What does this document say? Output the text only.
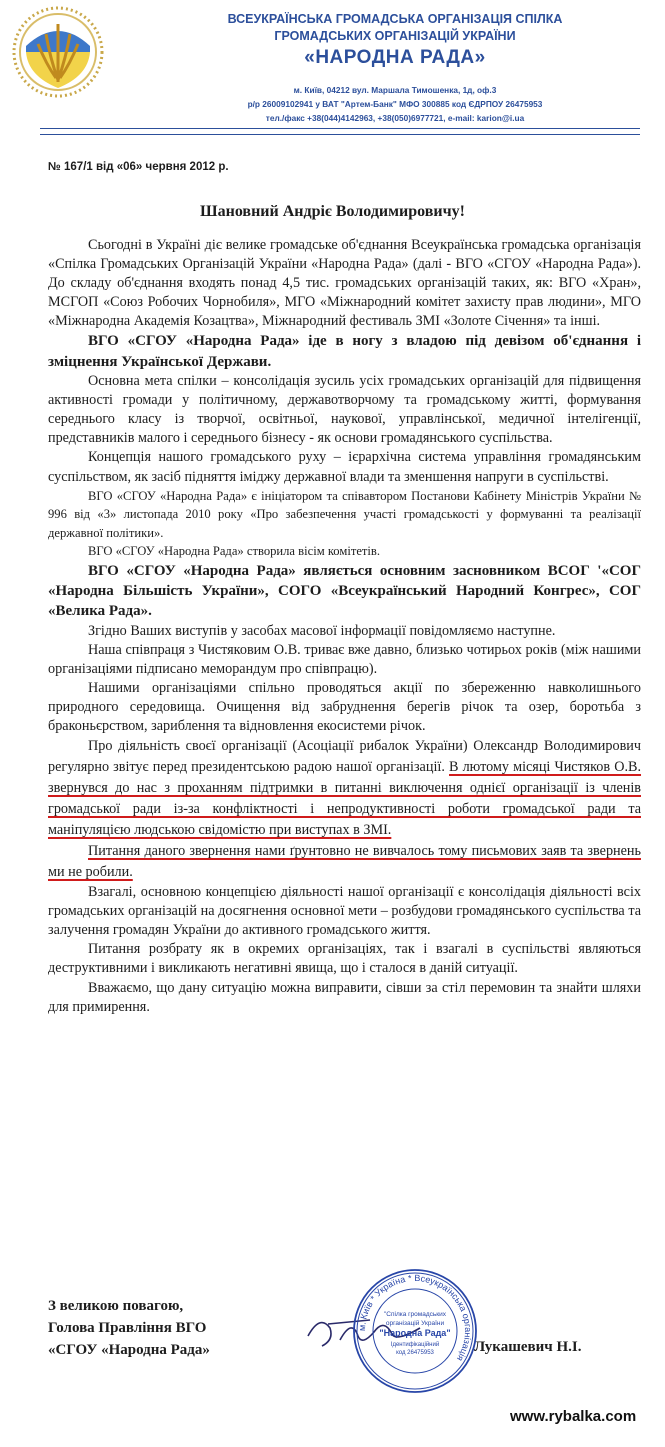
ВСЕУКРАЇНСЬКА ГРОМАДСЬКА ОРГАНІЗАЦІЯ СПІЛКА
ГРОМАДСЬКИХ ОРГАНІЗАЦІЙ УКРАЇНИ
«НАРОДНА РАДА»
м. Київ, 04212 вул. Маршала Тимошенка, 1д, оф.3
р/р 26009102941 у ВАТ "Артем-Банк" МФО 300885 код ЄДРПОУ 26475953
тел./факс +38(044)4142963, +38(050)6977721, e-mail: karion@i.ua
№ 167/1 від «06» червня 2012 р.
Шановний Андріє Володимировичу!

Сьогодні в Україні діє велике громадське об'єднання Всеукраїнська громадська організація «Спілка Громадських Організацій України «Народна Рада» (далі - ВГО «СГОУ «Народна Рада»). До складу об'єднання входять понад 4,5 тис. громадських організацій таких, як: ВГО «Хран», МСГОП «Союз Робочих Чорнобиля», МГО «Міжнародний комітет захисту прав людини», МГО «Міжнародна Академія Козацтва», Міжнародний фестиваль ЗМІ «Золоте Січення» та інші.

ВГО «СГОУ «Народна Рада» іде в ногу з владою під девізом об'єднання і зміцнення Української Держави.

Основна мета спілки – консолідація зусиль усіх громадських організацій для підвищення активності громади у політичному, державотворчому та громадському житті, формування середнього класу із творчої, освітньої, наукової, управлінської, медичної інтелігенції, представників малого і середнього бізнесу - як основи громадянського суспільства.

Концепція нашого громадського руху – ієрархічна система управління громадянським суспільством, як засіб підняття іміджу державної влади та зменшення напруги в суспільстві.

ВГО «СГОУ «Народна Рада» є ініціатором та співавтором Постанови Кабінету Міністрів України № 996 від «3» листопада 2010 року «Про забезпечення участі громадськості у формуванні та реалізації державної політики».

ВГО «СГОУ «Народна Рада» створила вісім комітетів.

ВГО «СГОУ «Народна Рада» являється основним засновником ВСОГ '«СОГ «Народна Більшість України», СОГО «Всеукраїнський Народний Конгрес», СОГ «Велика Рада».

Згідно Ваших виступів у засобах масової інформації повідомляємо наступне.

Наша співпраця з Чистяковим О.В. триває вже давно, близько чотирьох років (між нашими організаціями підписано меморандум про співпрацю).

Нашими організаціями спільно проводяться акції по збереженню навколишнього природного середовища. Очищення від забруднення берегів річок та озер, боротьба з браконьєрством, зариблення та відновлення екосистеми річок.

Про діяльність своєї організації (Асоціації рибалок України) Олександр Володимирович регулярно звітує перед президентською радою нашої організації. В лютому місяці Чистяков О.В. звернувся до нас з проханням підтримки в питанні виключення однієї організації із членів громадської ради із-за конфліктності і непродуктивності роботи громадської ради та маніпуляцією людською свідомістю при виступах в ЗМІ.

Питання даного звернення нами ґрунтовно не вивчалось тому письмових заяв та звернень ми не робили.

Взагалі, основною концепцією діяльності нашої організації є консолідація діяльності всіх громадських організацій на досягнення основної мети – розбудови громадянського суспільства та залучення громадян України до активного громадського життя.

Питання розбрату як в окремих організаціях, так і взагалі в суспільстві являються деструктивними і викликають негативні явища, що і сталося в даній ситуації.

Вважаємо, що дану ситуацію можна виправити, сівши за стіл перемовин та знайти шляхи для примирення.

З великою повагою,
Голова Правління ВГО
«СГОУ «Народна Рада»	Лукашевич Н.І.
м. Київ * Україна * Всеукраїнська організація
"Спілка громадських
організацій України
"Народна Рада"
Ідентифікаційний
код 26475953
www.rybalka.com
